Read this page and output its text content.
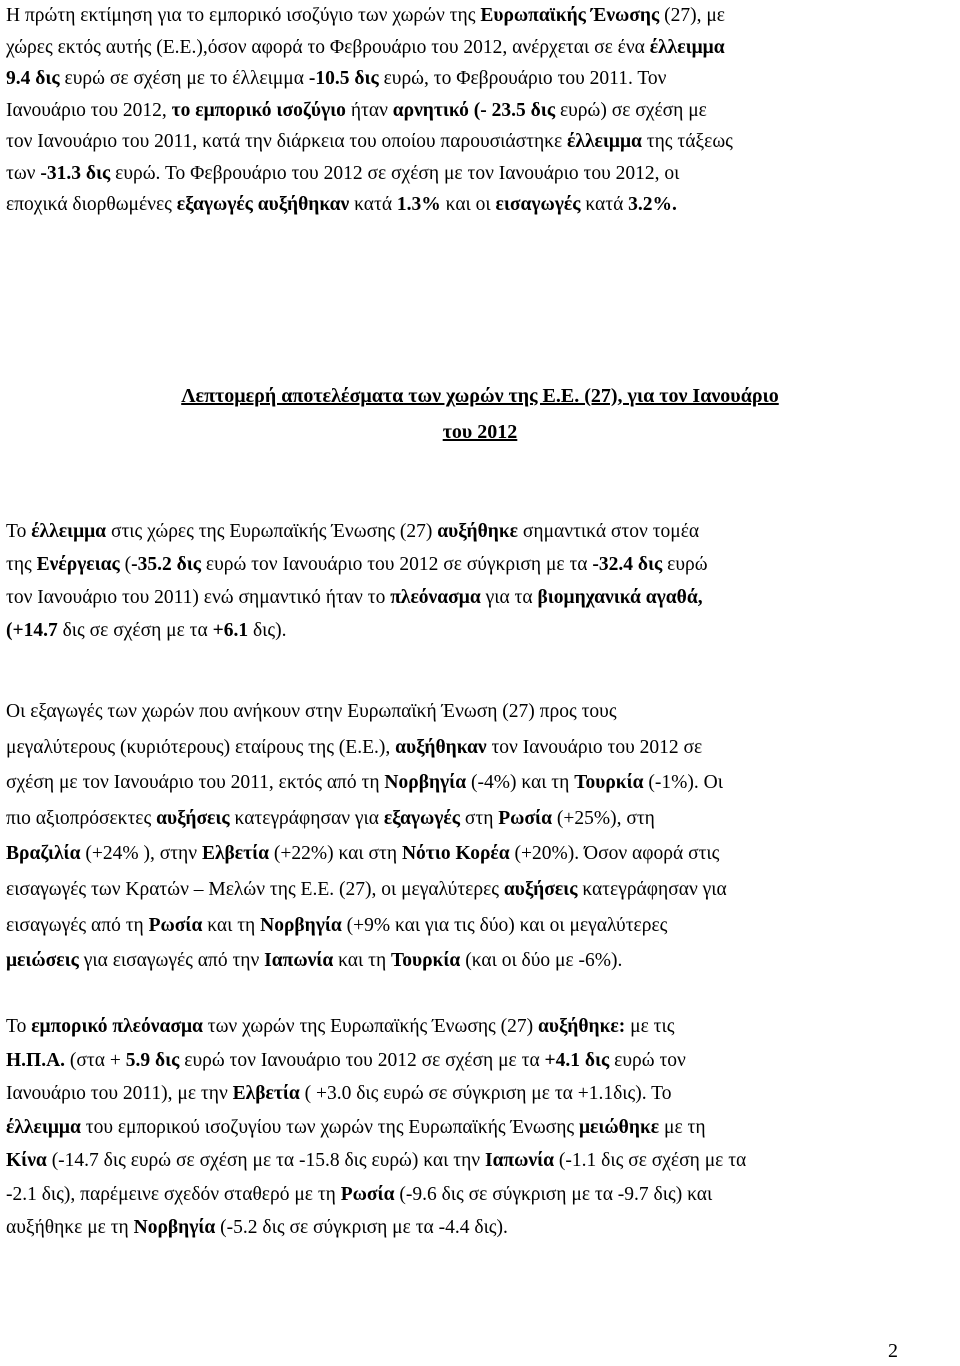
Η πρώτη εκτίμηση για το εμπορικό ισοζύγιο των χωρών της Ευρωπαϊκής Ένωσης (27), με
χώρες εκτός αυτής (Ε.Ε.),όσον αφορά το Φεβρουάριο του 2012, ανέρχεται σε ένα έλλειμμα
9.4 δις ευρώ σε σχέση με το έλλειμμα -10.5 δις ευρώ, το Φεβρουάριο του 2011. Τον
Ιανουάριο του 2012, το εμπορικό ισοζύγιο ήταν αρνητικό (- 23.5 δις ευρώ) σε σχέση με
τον Ιανουάριο του 2011, κατά την διάρκεια του οποίου παρουσιάστηκε έλλειμμα της τάξεως
των -31.3 δις ευρώ. Το Φεβρουάριο του 2012 σε σχέση με τον Ιανουάριο του 2012, οι
εποχικά διορθωμένες εξαγωγές αυξήθηκαν κατά 1.3% και οι εισαγωγές κατά 3.2%.
Λεπτομερή αποτελέσματα των χωρών της Ε.Ε. (27), για τον Ιανουάριο
του 2012
Το έλλειμμα στις χώρες της Ευρωπαϊκής Ένωσης (27) αυξήθηκε σημαντικά στον τομέα
της Ενέργειας (-35.2 δις ευρώ τον Ιανουάριο του 2012 σε σύγκριση με τα -32.4 δις ευρώ
τον Ιανουάριο του 2011) ενώ σημαντικό ήταν το πλεόνασμα για τα βιομηχανικά αγαθά,
(+14.7 δις σε σχέση με τα +6.1 δις).
Οι εξαγωγές των χωρών που ανήκουν στην Ευρωπαϊκή Ένωση (27) προς τους
μεγαλύτερους (κυριότερους) εταίρους της (Ε.Ε.), αυξήθηκαν τον Ιανουάριο του 2012 σε
σχέση με τον Ιανουάριο του 2011, εκτός από τη Νορβηγία (-4%) και τη Τουρκία (-1%). Οι
πιο αξιοπρόσεκτες αυξήσεις κατεγράφησαν για εξαγωγές στη Ρωσία (+25%), στη
Βραζιλία (+24% ), στην Ελβετία (+22%) και στη Νότιο Κορέα (+20%). Όσον αφορά στις
εισαγωγές των Κρατών – Μελών της Ε.Ε. (27), οι μεγαλύτερες αυξήσεις κατεγράφησαν για
εισαγωγές από τη Ρωσία και τη Νορβηγία (+9% και για τις δύο) και οι μεγαλύτερες
μειώσεις για εισαγωγές από την Ιαπωνία και τη Τουρκία (και οι δύο με -6%).
Το εμπορικό πλεόνασμα των χωρών της Ευρωπαϊκής Ένωσης (27) αυξήθηκε: με τις
Η.Π.Α. (στα + 5.9 δις ευρώ τον Ιανουάριο του 2012 σε σχέση με τα +4.1 δις ευρώ τον
Ιανουάριο του 2011), με την Ελβετία ( +3.0 δις ευρώ σε σύγκριση με τα +1.1δις). Το
έλλειμμα του εμπορικού ισοζυγίου των χωρών της Ευρωπαϊκής Ένωσης μειώθηκε με τη
Κίνα (-14.7 δις ευρώ σε σχέση με τα -15.8 δις ευρώ) και την Ιαπωνία (-1.1 δις σε σχέση με τα
-2.1 δις), παρέμεινε σχεδόν σταθερό με τη Ρωσία (-9.6 δις σε σύγκριση με τα -9.7 δις) και
αυξήθηκε με τη Νορβηγία (-5.2 δις σε σύγκριση με τα -4.4 δις).
2
